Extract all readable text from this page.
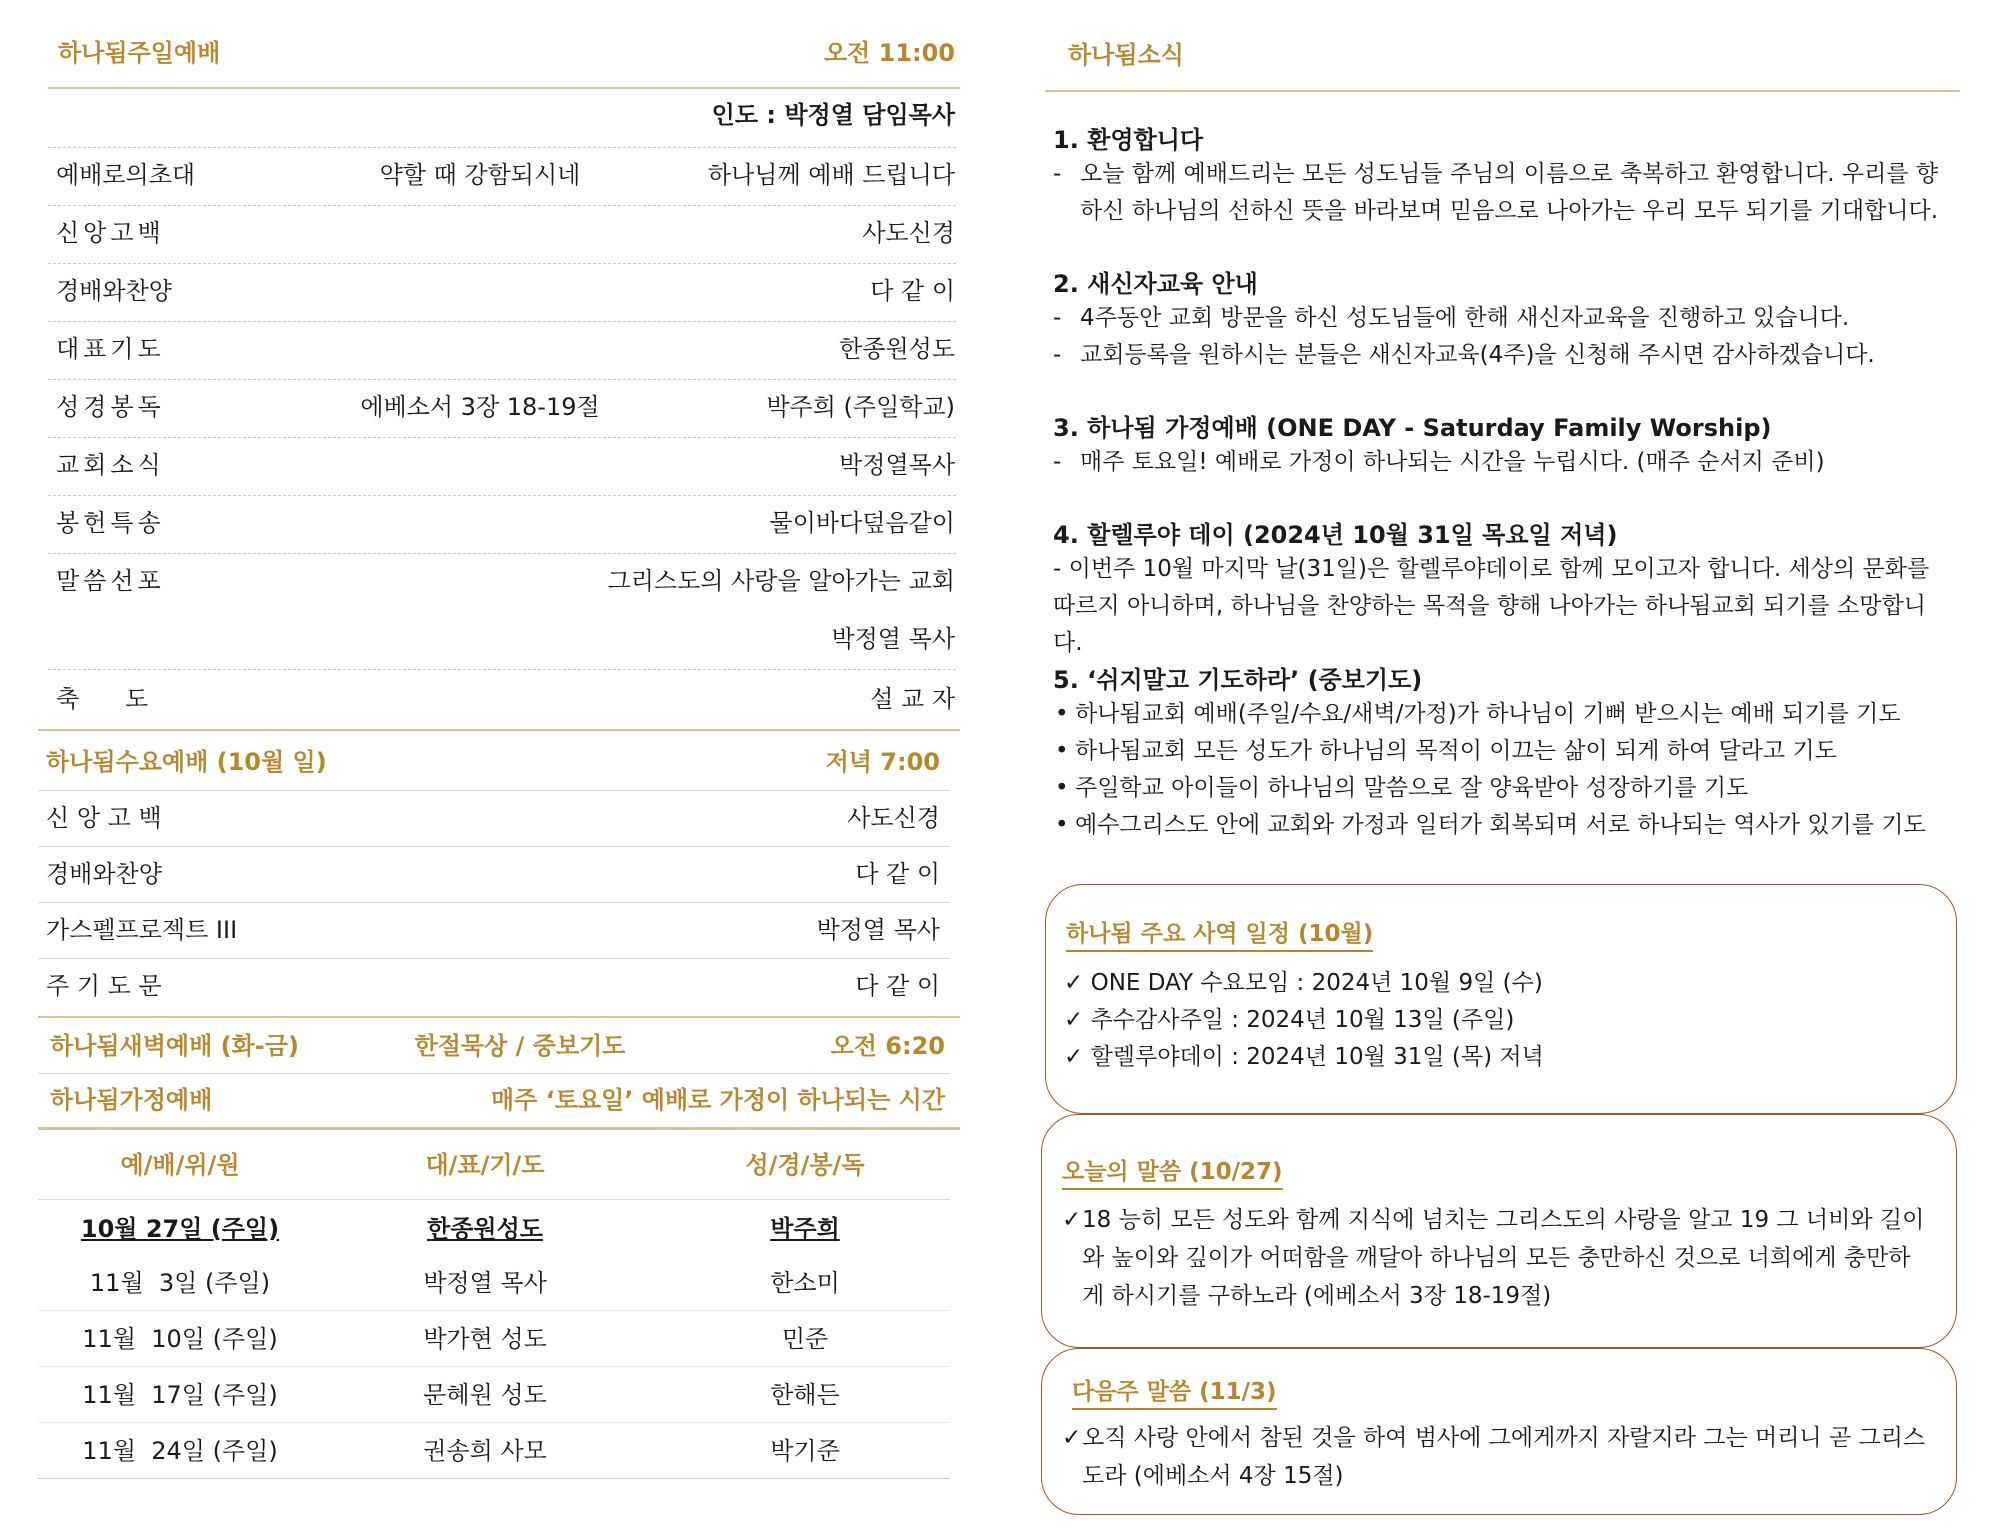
하나됨주일예배	오전 11:00
인도 : 박정열 담임목사
예배로의초대	약할 때 강함되시네	하나님께 예배 드립니다
신앙고백	사도신경
경배와찬양	다 같 이
대표기도	한종원성도
성경봉독	에베소서 3장 18-19절	박주희 (주일학교)
교회소식	박정열목사
봉헌특송	물이바다덮음같이
말씀선포	그리스도의 사랑을 알아가는 교회
박정열 목사
축      도	설 교 자
하나됨수요예배 (10월 일)	저녁 7:00
신 앙 고 백	사도신경
경배와찬양	다 같 이
가스펠프로젝트 III	박정열 목사
주 기 도 문	다 같 이
하나됨새벽예배 (화-금)	한절묵상 / 중보기도	오전 6:20
하나됨가정예배	매주 ‘토요일’ 예배로 가정이 하나되는 시간
예/배/위/원	대/표/기/도	성/경/봉/독
10월 27일 (주일)	한종원성도	박주희
11월  3일 (주일)	박정열 목사	한소미
11월  10일 (주일)	박가현 성도	민준
11월  17일 (주일)	문혜원 성도	한해든
11월  24일 (주일)	권송희 사모	박기준
하나됨소식
1. 환영합니다
- 오늘 함께 예배드리는 모든 성도님들 주님의 이름으로 축복하고 환영합니다. 우리를 향하신 하나님의 선하신 뜻을 바라보며 믿음으로 나아가는 우리 모두 되기를 기대합니다.
2. 새신자교육 안내
- 4주동안 교회 방문을 하신 성도님들에 한해 새신자교육을 진행하고 있습니다.
- 교회등록을 원하시는 분들은 새신자교육(4주)을 신청해 주시면 감사하겠습니다.
3. 하나됨 가정예배 (ONE DAY - Saturday Family Worship)
- 매주 토요일! 예배로 가정이 하나되는 시간을 누립시다. (매주 순서지 준비)
4. 할렐루야 데이 (2024년 10월 31일 목요일 저녁)
- 이번주 10월 마지막 날(31일)은 할렐루야데이로 함께 모이고자 합니다. 세상의 문화를 따르지 아니하며, 하나님을 찬양하는 목적을 향해 나아가는 하나됨교회 되기를 소망합니다.
5. ‘쉬지말고 기도하라’ (중보기도)
• 하나됨교회 예배(주일/수요/새벽/가정)가 하나님이 기뻐 받으시는 예배 되기를 기도
• 하나됨교회 모든 성도가 하나님의 목적이 이끄는 삶이 되게 하여 달라고 기도
• 주일학교 아이들이 하나님의 말씀으로 잘 양육받아 성장하기를 기도
• 예수그리스도 안에 교회와 가정과 일터가 회복되며 서로 하나되는 역사가 있기를 기도
하나됨 주요 사역 일정 (10월)
✓ ONE DAY 수요모임 : 2024년 10월 9일 (수)
✓ 추수감사주일 : 2024년 10월 13일 (주일)
✓ 할렐루야데이 : 2024년 10월 31일 (목) 저녁
오늘의 말씀 (10/27)
✓ 18 능히 모든 성도와 함께 지식에 넘치는 그리스도의 사랑을 알고 19 그 너비와 길이와 높이와 깊이가 어떠함을 깨달아 하나님의 모든 충만하신 것으로 너희에게 충만하게 하시기를 구하노라 (에베소서 3장 18-19절)
다음주 말씀 (11/3)
✓ 오직 사랑 안에서 참된 것을 하여 범사에 그에게까지 자랄지라 그는 머리니 곧 그리스도라 (에베소서 4장 15절)
